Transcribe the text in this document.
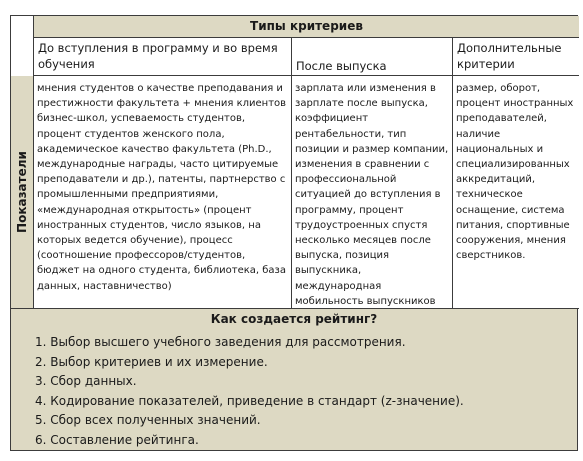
Типы критериев
До вступления в программу и во время обучения	После выпуска
Дополнительные критерии
Показатели
мнения студентов о качестве преподавания и престижности факультета + мнения клиентов бизнес-школ, успеваемость студентов, процент студентов женского пола, академическое качество факультета (Ph.D., международные награды, часто цитируемые преподаватели и др.), патенты, партнерство с промышленными предприятиями, «международная открытость» (процент иностранных студентов, число языков, на которых ведется обучение), процесс (соотношение профессоров/студентов, бюджет на одного студента, библиотека, база данных, наставничество)
зарплата или изменения в зарплате после выпуска, коэффициент рентабельности, тип позиции и размер компании, изменения в сравнении с профессиональной ситуацией до вступления в программу, процент трудоустроенных спустя несколько месяцев после выпуска, позиция выпускника, международная мобильность выпускников
размер, оборот, процент иностранных преподавателей, наличие национальных и специализированных аккредитаций, техническое оснащение, система питания, спортивные сооружения, мнения сверстников.
Как создается рейтинг?
1. Выбор высшего учебного заведения для рассмотрения.
2. Выбор критериев и их измерение.
3. Сбор данных.
4. Кодирование показателей, приведение в стандарт (z-значение).
5. Сбор всех полученных значений.
6. Составление рейтинга.
